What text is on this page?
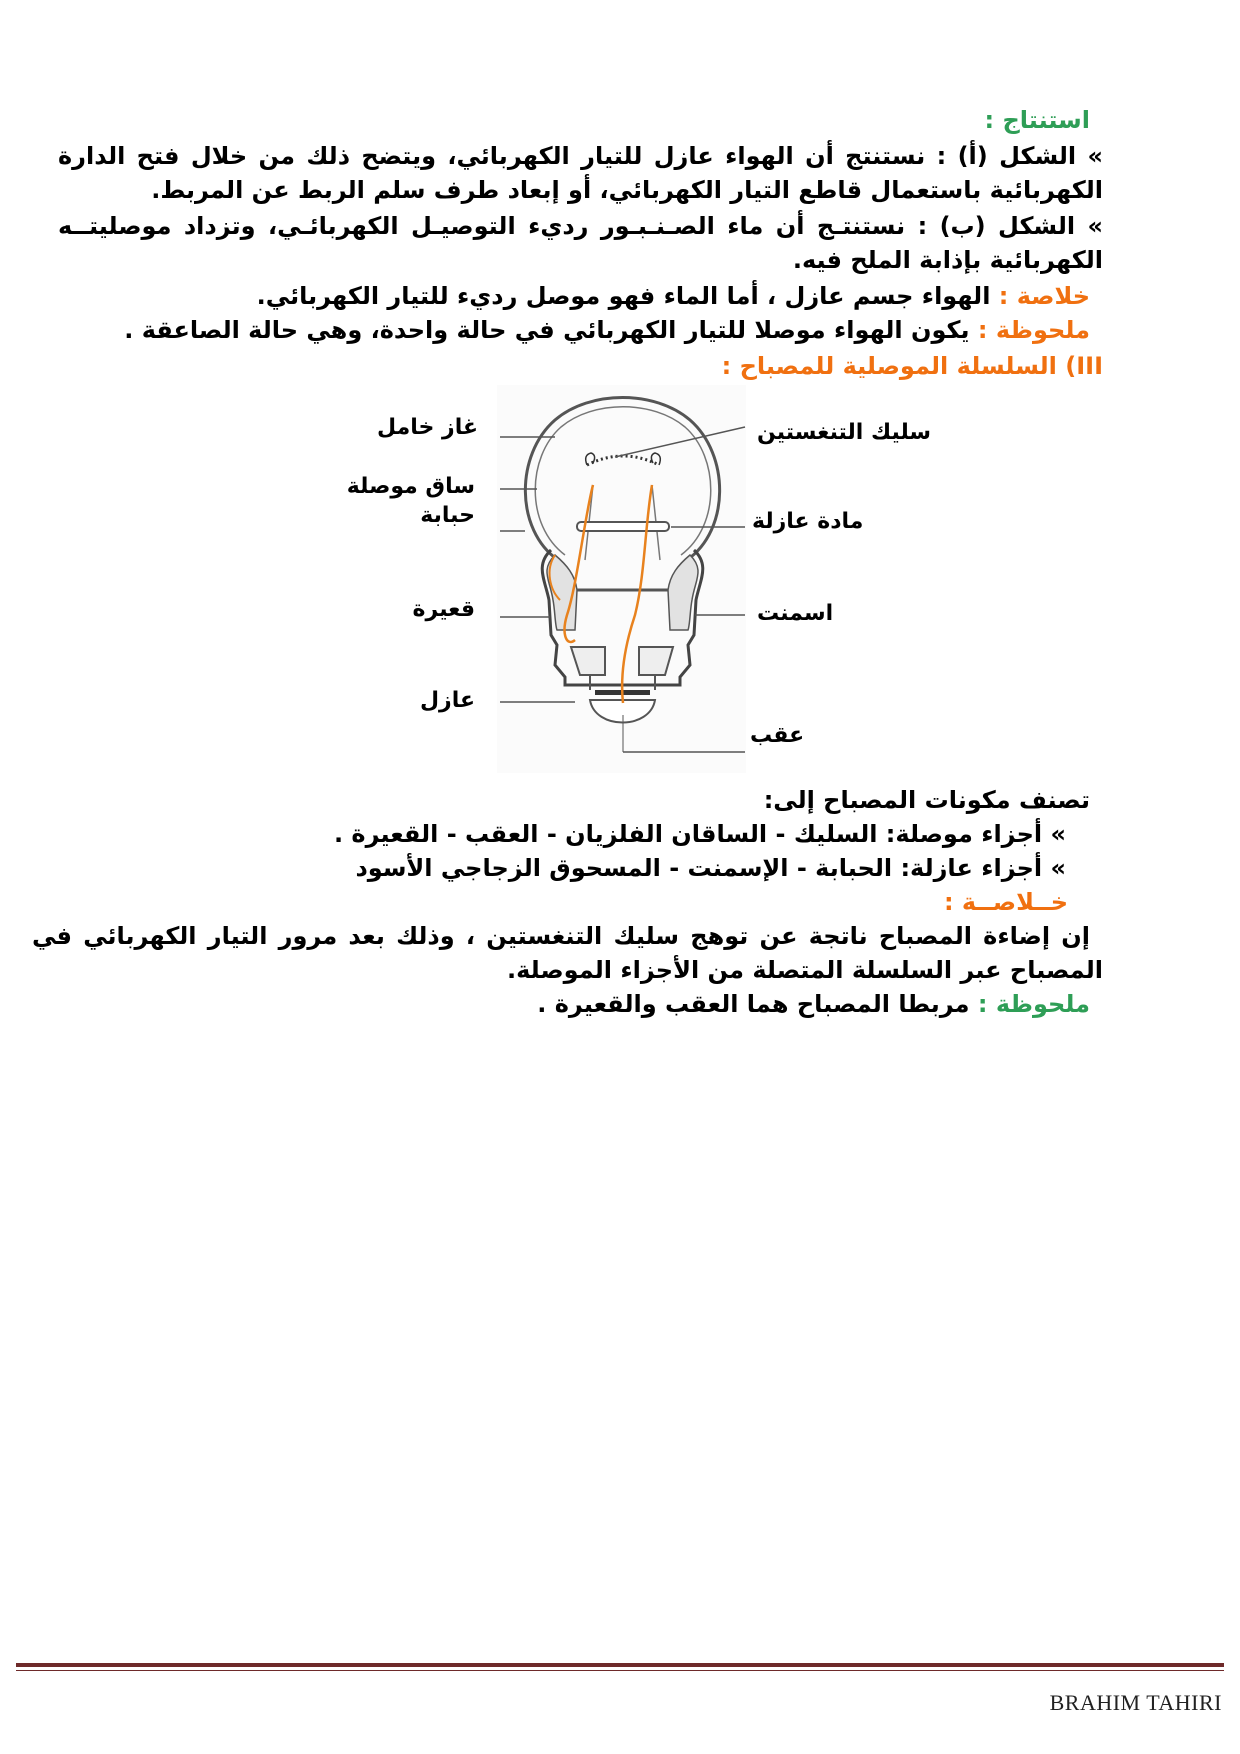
استنتاج :
» الشكل (أ) : نستنتج أن الهواء عازل للتيار الكهربائي، ويتضح ذلك من خلال فتح الدارة
الكهربائية باستعمال قاطع التيار الكهربائي، أو إبعاد طرف سلم الربط عن المربط.
» الشكل (ب) : نستنتـج أن ماء الصـنـبـور رديء التوصيـل الكهربائـي، وتزداد موصليتــه
الكهربائية بإذابة الملح فيه.
خلاصة : الهواء جسم عازل ، أما الماء فهو موصل رديء للتيار الكهربائي.
ملحوظة : يكون الهواء موصلا للتيار الكهربائي في حالة واحدة، وهي حالة الصاعقة .
III) السلسلة الموصلية للمصباح :
غاز خامل
ساق موصلة
حبابة
قعيرة
عازل
سليك التنغستين
مادة عازلة
اسمنت
عقب
تصنف مكونات المصباح إلى:
» أجزاء موصلة: السليك - الساقان الفلزيان - العقب - القعيرة .
» أجزاء عازلة: الحبابة - الإسمنت - المسحوق الزجاجي الأسود
خــلاصــة :
إن إضاءة المصباح ناتجة عن توهج سليك التنغستين ، وذلك بعد مرور التيار الكهربائي في
المصباح عبر السلسلة المتصلة من الأجزاء الموصلة.
ملحوظة : مربطا المصباح هما العقب والقعيرة .
BRAHIM TAHIRI
